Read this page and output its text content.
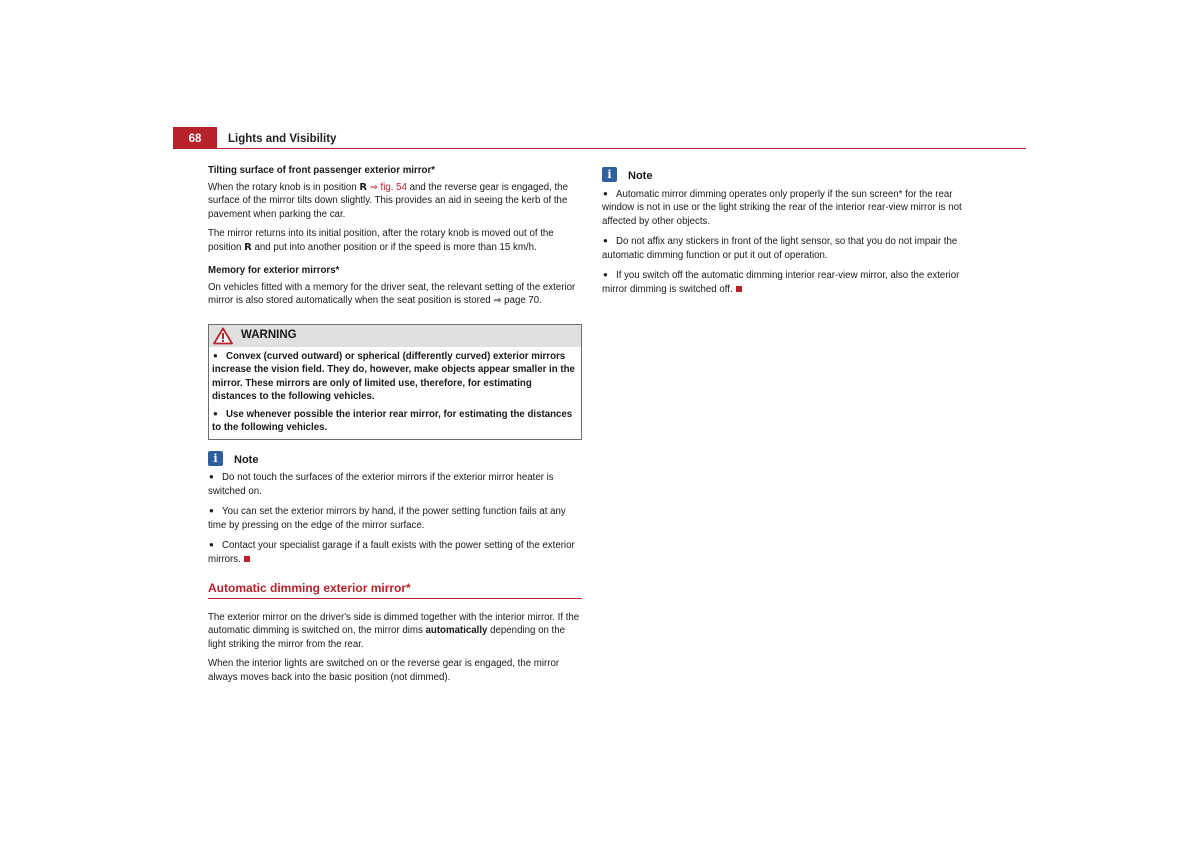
68	Lights and Visibility

Tilting surface of front passenger exterior mirror*

When the rotary knob is in position R ⇒ fig. 54 and the reverse gear is engaged, the surface of the mirror tilts down slightly. This provides an aid in seeing the kerb of the pavement when parking the car.

The mirror returns into its initial position, after the rotary knob is moved out of the position R and put into another position or if the speed is more than 15 km/h.

Memory for exterior mirrors*

On vehicles fitted with a memory for the driver seat, the relevant setting of the exterior mirror is also stored automatically when the seat position is stored ⇒ page 70.

WARNING

● Convex (curved outward) or spherical (differently curved) exterior mirrors increase the vision field. They do, however, make objects appear smaller in the mirror. These mirrors are only of limited use, therefore, for estimating distances to the following vehicles.

● Use whenever possible the interior rear mirror, for estimating the distances to the following vehicles.

i	Note

● Do not touch the surfaces of the exterior mirrors if the exterior mirror heater is switched on.

● You can set the exterior mirrors by hand, if the power setting function fails at any time by pressing on the edge of the mirror surface.

● Contact your specialist garage if a fault exists with the power setting of the exterior mirrors.

Automatic dimming exterior mirror*

The exterior mirror on the driver's side is dimmed together with the interior mirror. If the automatic dimming is switched on, the mirror dims automatically depending on the light striking the mirror from the rear.

When the interior lights are switched on or the reverse gear is engaged, the mirror always moves back into the basic position (not dimmed).

i	Note

● Automatic mirror dimming operates only properly if the sun screen* for the rear window is not in use or the light striking the rear of the interior rear-view mirror is not affected by other objects.

● Do not affix any stickers in front of the light sensor, so that you do not impair the automatic dimming function or put it out of operation.

● If you switch off the automatic dimming interior rear-view mirror, also the exterior mirror dimming is switched off.
